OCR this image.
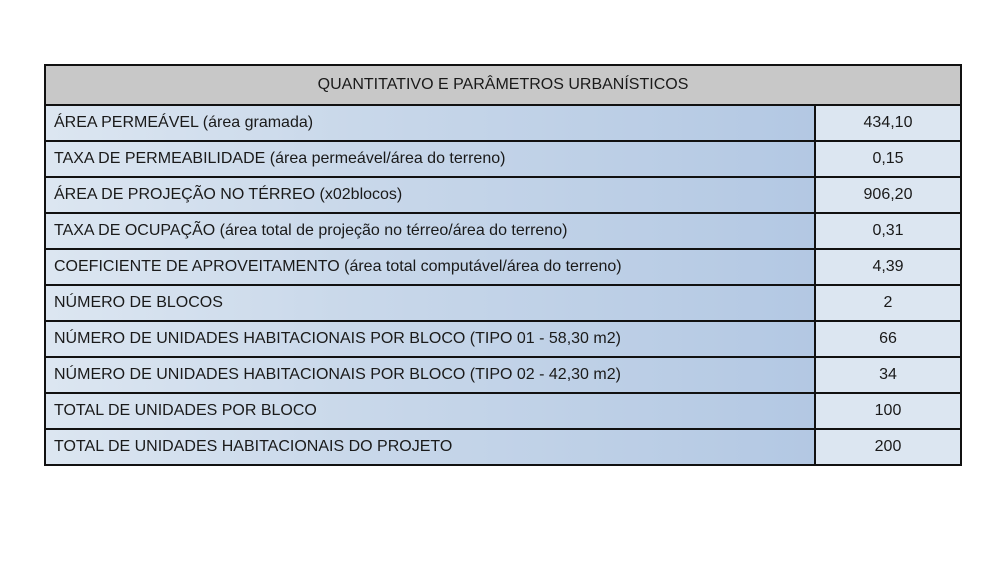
QUANTITATIVO E PARÂMETROS URBANÍSTICOS	
ÁREA PERMEÁVEL (área gramada)	434,10
TAXA DE PERMEABILIDADE (área permeável/área do terreno)	0,15
ÁREA DE PROJEÇÃO NO TÉRREO (x02blocos)	906,20
TAXA DE OCUPAÇÃO (área total de projeção no térreo/área do terreno)	0,31
COEFICIENTE DE APROVEITAMENTO (área total computável/área do terreno)	4,39
NÚMERO DE BLOCOS	2
NÚMERO DE UNIDADES HABITACIONAIS POR BLOCO (TIPO 01 - 58,30 m2)	66
NÚMERO DE UNIDADES HABITACIONAIS POR BLOCO (TIPO 02 - 42,30 m2)	34
TOTAL DE UNIDADES POR BLOCO	100
TOTAL DE UNIDADES HABITACIONAIS DO PROJETO	200
